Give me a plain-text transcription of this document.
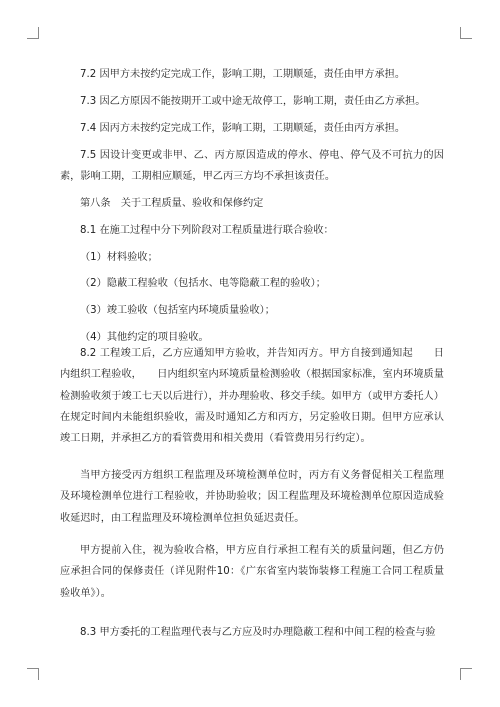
7.2 因甲方未按约定完成工作，影响工期，工期顺延，责任由甲方承担。

7.3 因乙方原因不能按期开工或中途无故停工，影响工期，责任由乙方承担。

7.4 因丙方未按约定完成工作，影响工期，工期顺延，责任由丙方承担。

7.5 因设计变更或非甲、乙、丙方原因造成的停水、停电、停气及不可抗力的因素，影响工期，工期相应顺延，甲乙丙三方均不承担该责任。

第八条　关于工程质量、验收和保修约定

8.1 在施工过程中分下列阶段对工程质量进行联合验收：

（1）材料验收；

（2）隐蔽工程验收（包括水、电等隐蔽工程的验收）；

（3）竣工验收（包括室内环境质量验收）；

（4）其他约定的项目验收。

8.2 工程竣工后，乙方应通知甲方验收，并告知丙方。甲方自接到通知起　　日内组织工程验收，　　日内组织室内环境质量检测验收（根据国家标准，室内环境质量检测验收须于竣工七天以后进行），并办理验收、移交手续。如甲方（或甲方委托人）在规定时间内未能组织验收，需及时通知乙方和丙方，另定验收日期。但甲方应承认竣工日期，并承担乙方的看管费用和相关费用（看管费用另行约定）。

当甲方接受丙方组织工程监理及环境检测单位时，丙方有义务督促相关工程监理及环境检测单位进行工程验收，并协助验收；因工程监理及环境检测单位原因造成验收延迟时，由工程监理及环境检测单位担负延迟责任。

甲方提前入住，视为验收合格，甲方应自行承担工程有关的质量问题，但乙方仍应承担合同的保修责任（详见附件10：《广东省室内装饰装修工程施工合同工程质量验收单》）。

8.3 甲方委托的工程监理代表与乙方应及时办理隐蔽工程和中间工程的检查与验
